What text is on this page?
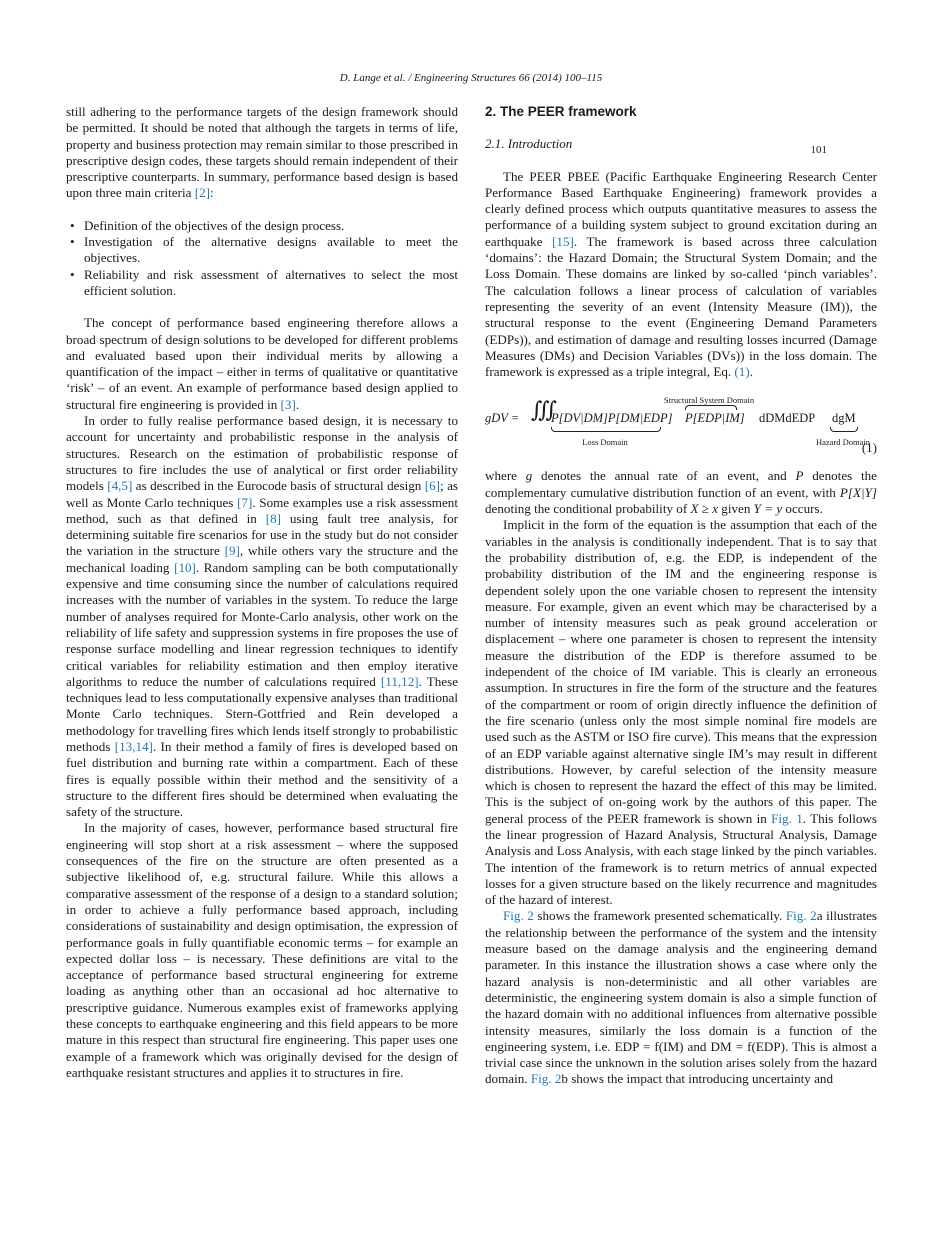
D. Lange et al. / Engineering Structures 66 (2014) 100–115
101

still adhering to the performance targets of the design framework should be permitted. It should be noted that although the targets in terms of life, property and business protection may remain similar to those prescribed in prescriptive design codes, these targets should remain independent of their prescriptive counterparts. In summary, performance based design is based upon three main criteria [2]:

• Definition of the objectives of the design process.
• Investigation of the alternative designs available to meet the objectives.
• Reliability and risk assessment of alternatives to select the most efficient solution.

The concept of performance based engineering therefore allows a broad spectrum of design solutions to be developed for different problems and evaluated based upon their individual merits by allowing a quantification of the impact – either in terms of qualitative or quantitative ‘risk’ – of an event. An example of performance based design applied to structural fire engineering is provided in [3].

In order to fully realise performance based design, it is necessary to account for uncertainty and probabilistic response in the analysis of structures. Research on the estimation of probabilistic response of structures to fire includes the use of analytical or first order reliability models [4,5] as described in the Eurocode basis of structural design [6]; as well as Monte Carlo techniques [7]. Some examples use a risk assessment method, such as that defined in [8] using fault tree analysis, for determining suitable fire scenarios for use in the study but do not consider the variation in the structure [9], while others vary the structure and the mechanical loading [10]. Random sampling can be both computationally expensive and time consuming since the number of calculations required increases with the number of variables in the system. To reduce the large number of analyses required for Monte-Carlo analysis, other work on the reliability of life safety and suppression systems in fire proposes the use of response surface modelling and linear regression techniques to identify critical variables for reliability estimation and then employ iterative algorithms to reduce the number of calculations required [11,12]. These techniques lead to less computationally expensive analyses than traditional Monte Carlo techniques. Stern-Gottfried and Rein developed a methodology for travelling fires which lends itself strongly to probabilistic methods [13,14]. In their method a family of fires is developed based on fuel distribution and burning rate within a compartment. Each of these fires is equally possible within their method and the sensitivity of a structure to the different fires should be determined when evaluating the safety of the structure.

In the majority of cases, however, performance based structural fire engineering will stop short at a risk assessment – where the supposed consequences of the fire on the structure are often presented as a subjective likelihood of, e.g. structural failure. While this allows a comparative assessment of the response of a design to a standard solution; in order to achieve a fully performance based approach, including considerations of sustainability and design optimisation, the expression of performance goals in fully quantifiable economic terms – for example an expected dollar loss – is necessary. These definitions are vital to the acceptance of performance based structural engineering for extreme loading as anything other than an occasional ad hoc alternative to prescriptive guidance. Numerous examples exist of frameworks applying these concepts to earthquake engineering and this field appears to be more mature in this respect than structural fire engineering. This paper uses one example of a framework which was originally devised for the design of earthquake resistant structures and applies it to structures in fire.

2. The PEER framework
2.1. Introduction

The PEER PBEE (Pacific Earthquake Engineering Research Center Performance Based Earthquake Engineering) framework provides a clearly defined process which outputs quantitative measures to assess the performance of a building system subject to ground excitation during an earthquake [15]. The framework is based across three calculation ‘domains’: the Hazard Domain; the Structural System Domain; and the Loss Domain. These domains are linked by so-called ‘pinch variables’. The calculation follows a linear process of calculation of variables representing the severity of an event (Intensity Measure (IM)), the structural response to the event (Engineering Demand Parameters (EDPs)), and estimation of damage and resulting losses incurred (Damage Measures (DMs) and Decision Variables (DVs)) in the loss domain. The framework is expressed as a triple integral, Eq. (1).

Structural System Domain
gDV = ∭
P[DV|DM]P[DM|EDP]
Loss Domain
P[EDP|IM] dDMdEDP dgM
Hazard Domain
(1)

where g denotes the annual rate of an event, and P denotes the complementary cumulative distribution function of an event, with P[X|Y] denoting the conditional probability of X ≥ x given Y = y occurs.

Implicit in the form of the equation is the assumption that each of the variables in the analysis is conditionally independent. That is to say that the probability distribution of, e.g. the EDP, is independent of the probability distribution of the IM and the engineering response is dependent solely upon the one variable chosen to represent the intensity measure. For example, given an event which may be characterised by a number of intensity measures such as peak ground acceleration or displacement – where one parameter is chosen to represent the intensity measure the distribution of the EDP is therefore assumed to be independent of the choice of IM variable. This is clearly an erroneous assumption. In structures in fire the form of the structure and the features of the compartment or room of origin directly influence the definition of the fire scenario (unless only the most simple nominal fire models are used such as the ASTM or ISO fire curve). This means that the expression of an EDP variable against alternative single IM’s may result in different distributions. However, by careful selection of the intensity measure which is chosen to represent the hazard the effect of this may be limited. This is the subject of on-going work by the authors of this paper. The general process of the PEER framework is shown in Fig. 1. This follows the linear progression of Hazard Analysis, Structural Analysis, Damage Analysis and Loss Analysis, with each stage linked by the pinch variables. The intention of the framework is to return metrics of annual expected losses for a given structure based on the likely recurrence and magnitudes of the hazard of interest.

Fig. 2 shows the framework presented schematically. Fig. 2a illustrates the relationship between the performance of the system and the intensity measure based on the damage analysis and the engineering demand parameter. In this instance the illustration shows a case where only the hazard analysis is non-deterministic and all other variables are deterministic, the engineering system domain is also a simple function of the hazard domain with no additional influences from alternative possible intensity measures, similarly the loss domain is a function of the engineering system, i.e. EDP = f(IM) and DM = f(EDP). This is almost a trivial case since the unknown in the solution arises solely from the hazard domain. Fig. 2b shows the impact that introducing uncertainty and
